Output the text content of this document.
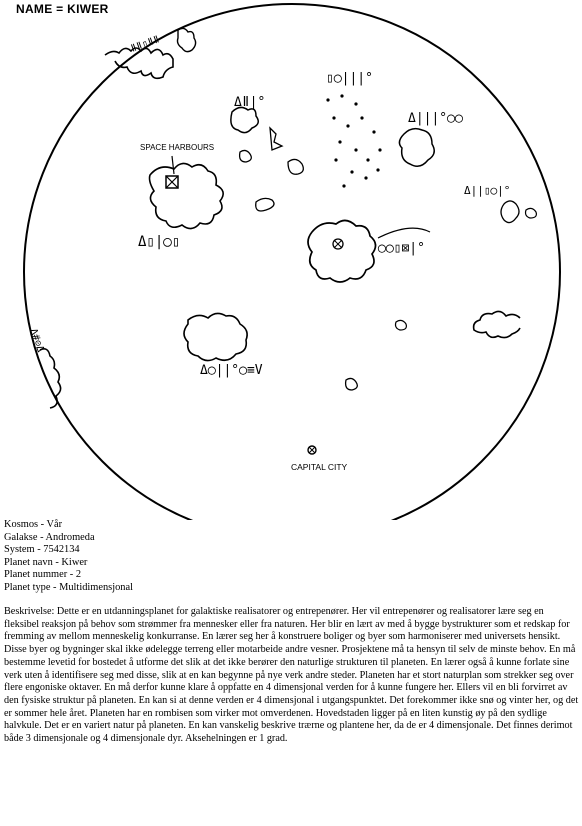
NAME = KIWER
SPACE HARBOURS
CAPITAL CITY
ǁǁ▯ǁǁ
Δǁ|°
▯◯|||°
Δ|||°◯◯
Δ||▯◯|°
Δ▯|◯▯	◯◯▯⊠|°
Δ◯||°◯≡V
Δ#⊝Δ
Kosmos - Vår
Galakse - Andromeda
System - 7542134
Planet navn - Kiwer
Planet nummer - 2
Planet type - Multidimensjonal

Beskrivelse: Dette er en utdanningsplanet for galaktiske realisatorer og entrepenører. Her vil entrepenører og realisatorer lære seg en fleksibel reaksjon på behov som strømmer fra mennesker eller fra naturen. Her blir en lært av med å bygge bystrukturer som et redskap for fremming av mellom menneskelig konkurranse. En lærer seg her å konstruere boliger og byer som harmoniserer med universets hensikt. Disse byer og bygninger skal ikke ødelegge terreng eller motarbeide andre vesner. Prosjektene må ta hensyn til selv de minste behov. En må bestemme levetid for bostedet å utforme det slik at det ikke berører den naturlige strukturen til planeten. En lærer også å kunne forlate sine verk uten å identifisere seg med disse, slik at en kan begynne på nye verk andre steder. Planeten har et stort naturplan som strekker seg over flere engoniske oktaver. En må derfor kunne klare å oppfatte en 4 dimensjonal verden for å kunne fungere her. Ellers vil en bli forvirret av den fysiske struktur på planeten. En kan si at denne verden er 4 dimensjonal i utgangspunktet. Det forekommer ikke snø og vinter her, og det er sommer hele året. Planeten har en rombisen som virker mot omverdenen. Hovedstaden ligger på en liten kunstig øy på den sydlige halvkule. Det er en variert natur på planeten. En kan vanskelig beskrive trærne og plantene her, da de er 4 dimensjonale. Det finnes derimot både 3 dimensjonale og 4 dimensjonale dyr. Aksehelningen er 1 grad.
